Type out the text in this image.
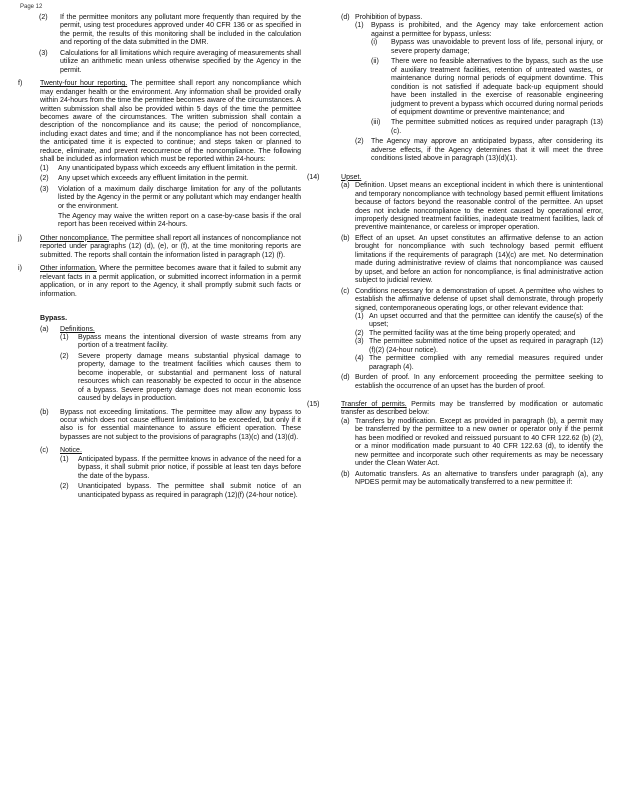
Page 12
(2)	If the permittee monitors any pollutant more frequently than required by the permit, using test procedures approved under 40 CFR 136 or as specified in the permit, the results of this monitoring shall be included in the calculation and reporting of the data submitted in the DMR.
(3)	Calculations for all limitations which require averaging of measurements shall utilize an arithmetic mean unless otherwise specified by the Agency in the permit.
f)	Twenty-four hour reporting. The permittee shall report any noncompliance which may endanger health or the environment. Any information shall be provided orally within 24-hours from the time the permittee becomes aware of the circumstances. A written submission shall also be provided within 5 days of the time the permittee becomes aware of the circumstances. The written submission shall contain a description of the noncompliance and its cause; the period of noncompliance, including exact dates and time; and if the noncompliance has not been corrected, the anticipated time it is expected to continue; and steps taken or planned to reduce, eliminate, and prevent reoccurrence of the noncompliance. The following shall be included as information which must be reported within 24-hours:

(1)	Any unanticipated bypass which exceeds any effluent limitation in the permit.
(2)	Any upset which exceeds any effluent limitation in the permit.
(3)	Violation of a maximum daily discharge limitation for any of the pollutants listed by the Agency in the permit or any pollutant which may endanger health or the environment.

The Agency may waive the written report on a case-by-case basis if the oral report has been received within 24-hours.

j)	Other noncompliance. The permittee shall report all instances of noncompliance not reported under paragraphs (12) (d), (e), or (f), at the time monitoring reports are submitted. The reports shall contain the information listed in paragraph (12) (f).

i)	Other information. Where the permittee becomes aware that it failed to submit any relevant facts in a permit application, or submitted incorrect information in a permit application, or in any report to the Agency, it shall promptly submit such facts or information.

Bypass.
(a)	Definitions.
(1)	Bypass means the intentional diversion of waste streams from any portion of a treatment facility.
(2)	Severe property damage means substantial physical damage to property, damage to the treatment facilities which causes them to become inoperable, or substantial and permanent loss of natural resources which can reasonably be expected to occur in the absence of a bypass. Severe property damage does not mean economic loss caused by delays in production.
(b)	Bypass not exceeding limitations. The permittee may allow any bypass to occur which does not cause effluent limitations to be exceeded, but only if it also is for essential maintenance to assure efficient operation. These bypasses are not subject to the provisions of paragraphs (13)(c) and (13)(d).
(c)	Notice.
(1)	Anticipated bypass. If the permittee knows in advance of the need for a bypass, it shall submit prior notice, if possible at least ten days before the date of the bypass.
(2)	Unanticipated bypass. The permittee shall submit notice of an unanticipated bypass as required in paragraph (12)(f) (24-hour notice).
(d) Prohibition of bypass.
(1)	Bypass is prohibited, and the Agency may take enforcement action against a permittee for bypass, unless:

(i)	Bypass was unavoidable to prevent loss of life, personal injury, or severe property damage;
(ii)	There were no feasible alternatives to the bypass, such as the use of auxiliary treatment facilities, retention of untreated wastes, or maintenance during normal periods of equipment downtime. This condition is not satisfied if adequate back-up equipment should have been installed in the exercise of reasonable engineering judgment to prevent a bypass which occurred during normal periods of equipment downtime or preventive maintenance; and
(iii)	The permittee submitted notices as required under paragraph (13)(c).
(2)	The Agency may approve an anticipated bypass, after considering its adverse effects, if the Agency determines that it will meet the three conditions listed above in paragraph (13)(d)(1).
(14)	Upset.
(a) Definition. Upset means an exceptional incident in which there is unintentional and temporary noncompliance with technology based permit effluent limitations because of factors beyond the reasonable control of the permittee. An upset does not include noncompliance to the extent caused by operational error, improperly designed treatment facilities, inadequate treatment facilities, lack of preventive maintenance, or careless or improper operation.
(b) Effect of an upset. An upset constitutes an affirmative defense to an action brought for noncompliance with such technology based permit effluent limitations if the requirements of paragraph (14)(c) are met. No determination made during administrative review of claims that noncompliance was caused by upset, and before an action for noncompliance, is final administrative action subject to judicial review.
(c) Conditions necessary for a demonstration of upset. A permittee who wishes to establish the affirmative defense of upset shall demonstrate, through properly signed, contemporaneous operating logs, or other relevant evidence that:

(1) An upset occurred and that the permittee can identify the cause(s) of the upset;
(2) The permitted facility was at the time being properly operated; and
(3) The permittee submitted notice of the upset as required in paragraph (12)(f)(2) (24-hour notice).
(4) The permittee complied with any remedial measures required under paragraph (4).
(d) Burden of proof. In any enforcement proceeding the permittee seeking to establish the occurrence of an upset has the burden of proof.
(15)	Transfer of permits. Permits may be transferred by modification or automatic transfer as described below:

(a) Transfers by modification. Except as provided in paragraph (b), a permit may be transferred by the permittee to a new owner or operator only if the permit has been modified or revoked and reissued pursuant to 40 CFR 122.62 (b) (2), or a minor modification made pursuant to 40 CFR 122.63 (d), to identify the new permittee and incorporate such other requirements as may be necessary under the Clean Water Act.
(b) Automatic transfers. As an alternative to transfers under paragraph (a), any NPDES permit may be automatically transferred to a new permittee if:
